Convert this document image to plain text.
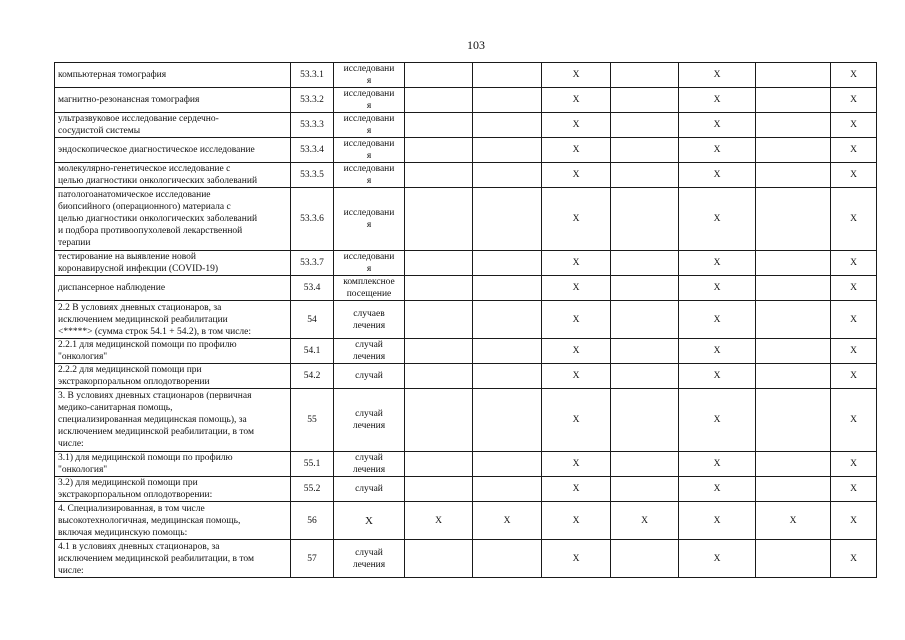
103
компьютерная томография	53.3.1	исследовани
я			X		X		X
магнитно-резонансная томография	53.3.2	исследовани
я			X		X		X
ультразвуковое исследование сердечно-
сосудистой системы	53.3.3	исследовани
я			X		X		X
эндоскопическое диагностическое исследование	53.3.4	исследовани
я			X		X		X
молекулярно-генетическое исследование с
целью диагностики онкологических заболеваний	53.3.5	исследовани
я			X		X		X
патологоанатомическое исследование
биопсийного (операционного) материала с
целью диагностики онкологических заболеваний
и подбора противоопухолевой лекарственной
терапии	53.3.6	исследовани
я			X		X		X
тестирование на выявление новой
коронавирусной инфекции (COVID-19)	53.3.7	исследовани
я			X		X		X
диспансерное наблюдение	53.4	комплексное
посещение			X		X		X
2.2 В условиях дневных стационаров, за
исключением медицинской реабилитации
<*****> (сумма строк 54.1 + 54.2), в том числе:	54	случаев
лечения			X		X		X
2.2.1 для медицинской помощи по профилю
"онкология"	54.1	случай
лечения			X		X		X
2.2.2 для медицинской помощи при
экстракорпоральном оплодотворении	54.2	случай			X		X		X
3. В условиях дневных стационаров (первичная
медико-санитарная помощь,
специализированная медицинская помощь), за
исключением медицинской реабилитации, в том
числе:	55	случай
лечения			X		X		X
3.1) для медицинской помощи по профилю
"онкология"	55.1	случай
лечения			X		X		X
3.2) для медицинской помощи при
экстракорпоральном оплодотворении:	55.2	случай			X		X		X
4. Специализированная, в том числе
высокотехнологичная, медицинская помощь,
включая медицинскую помощь:	56	X	X	X	X	X	X	X	X
4.1 в условиях дневных стационаров, за
исключением медицинской реабилитации, в том
числе:	57	случай
лечения			X		X		X
